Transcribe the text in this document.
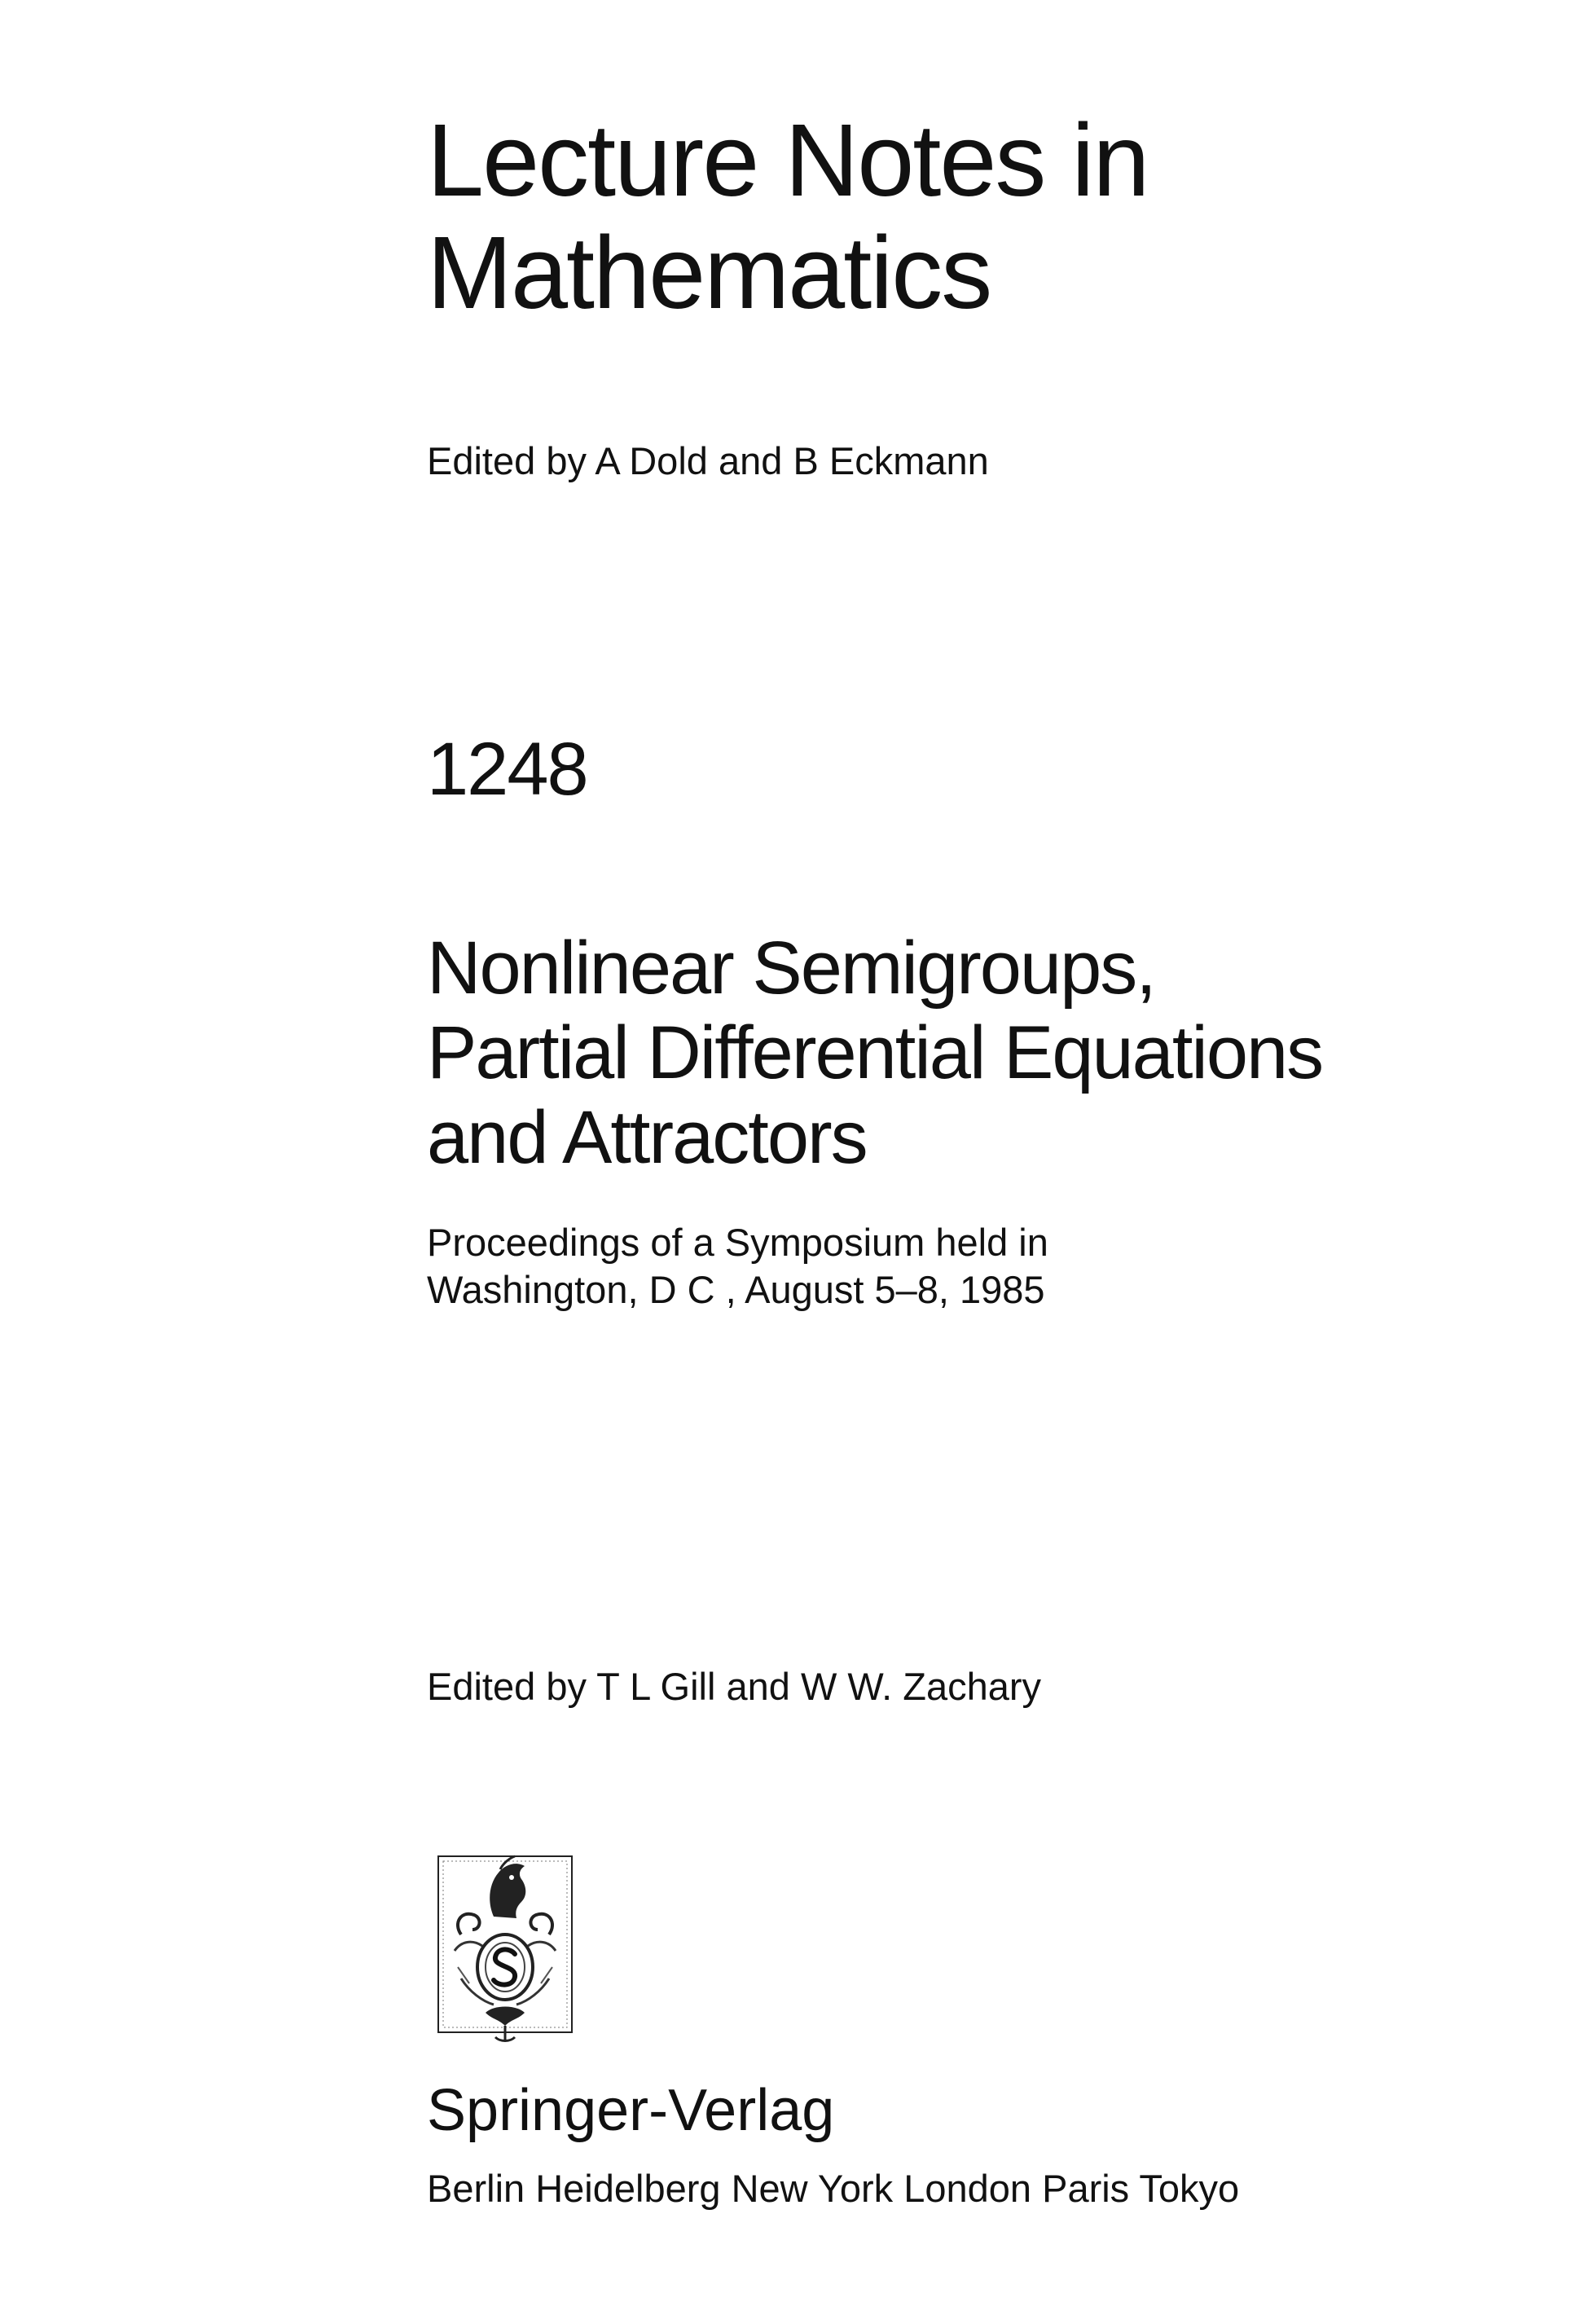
Lecture Notes in
Mathematics
Edited by A Dold and B Eckmann
1248
Nonlinear Semigroups,
Partial Differential Equations
and Attractors
Proceedings of a Symposium held in
Washington, D C , August 5–8, 1985
Edited by T L Gill and W W. Zachary
Springer-Verlag
Berlin Heidelberg New York London Paris Tokyo
